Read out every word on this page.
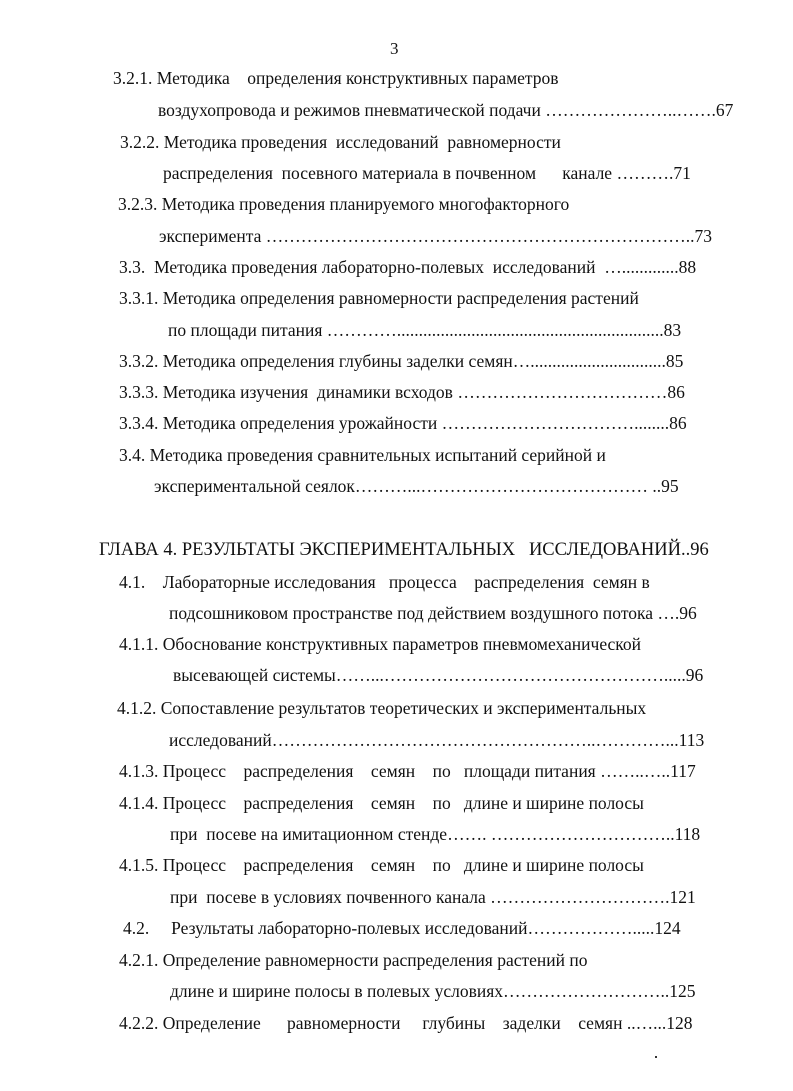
3
3.2.1. Методика    определения конструктивных параметров
воздухопровода и режимов пневматической подачи …………………..…….67
3.2.2. Методика проведения  исследований  равномерности
распределения  посевного материала в почвенном      канале ……….71
3.2.3. Методика проведения планируемого многофакторного
эксперимента ………………………………………………………………..73
3.3.  Методика проведения лабораторно-полевых  исследований  ….............88
3.3.1. Методика определения равномерности распределения растений
по площади питания ………….............................................................83
3.3.2. Методика определения глубины заделки семян…...............................85
3.3.3. Методика изучения  динамики всходов ………………………………86
3.3.4. Методика определения урожайности ……………………………........86
3.4. Методика проведения сравнительных испытаний серийной и
экспериментальной сеялок………...………………………………… ..95
ГЛАВА 4. РЕЗУЛЬТАТЫ ЭКСПЕРИМЕНТАЛЬНЫХ   ИССЛЕДОВАНИЙ..96
4.1.    Лабораторные исследования   процесса    распределения  семян в
подсошниковом пространстве под действием воздушного потока ….96
4.1.1. Обоснование конструктивных параметров пневмомеханической
высевающей системы……...………………………………………….....96
4.1.2. Сопоставление результатов теоретических и экспериментальных
исследований………………………………………………..…………...113
4.1.3. Процесс    распределения    семян    по   площади питания ……..…..117
4.1.4. Процесс    распределения    семян    по   длине и ширине полосы
при  посеве на имитационном стенде……. …………………………..118
4.1.5. Процесс    распределения    семян    по   длине и ширине полосы
при  посеве в условиях почвенного канала ………………………….121
4.2.     Результаты лабораторно-полевых исследований……………….....124
4.2.1. Определение равномерности распределения растений по
длине и ширине полосы в полевых условиях………………………..125
4.2.2. Определение      равномерности     глубины    заделки    семян ..…...128
